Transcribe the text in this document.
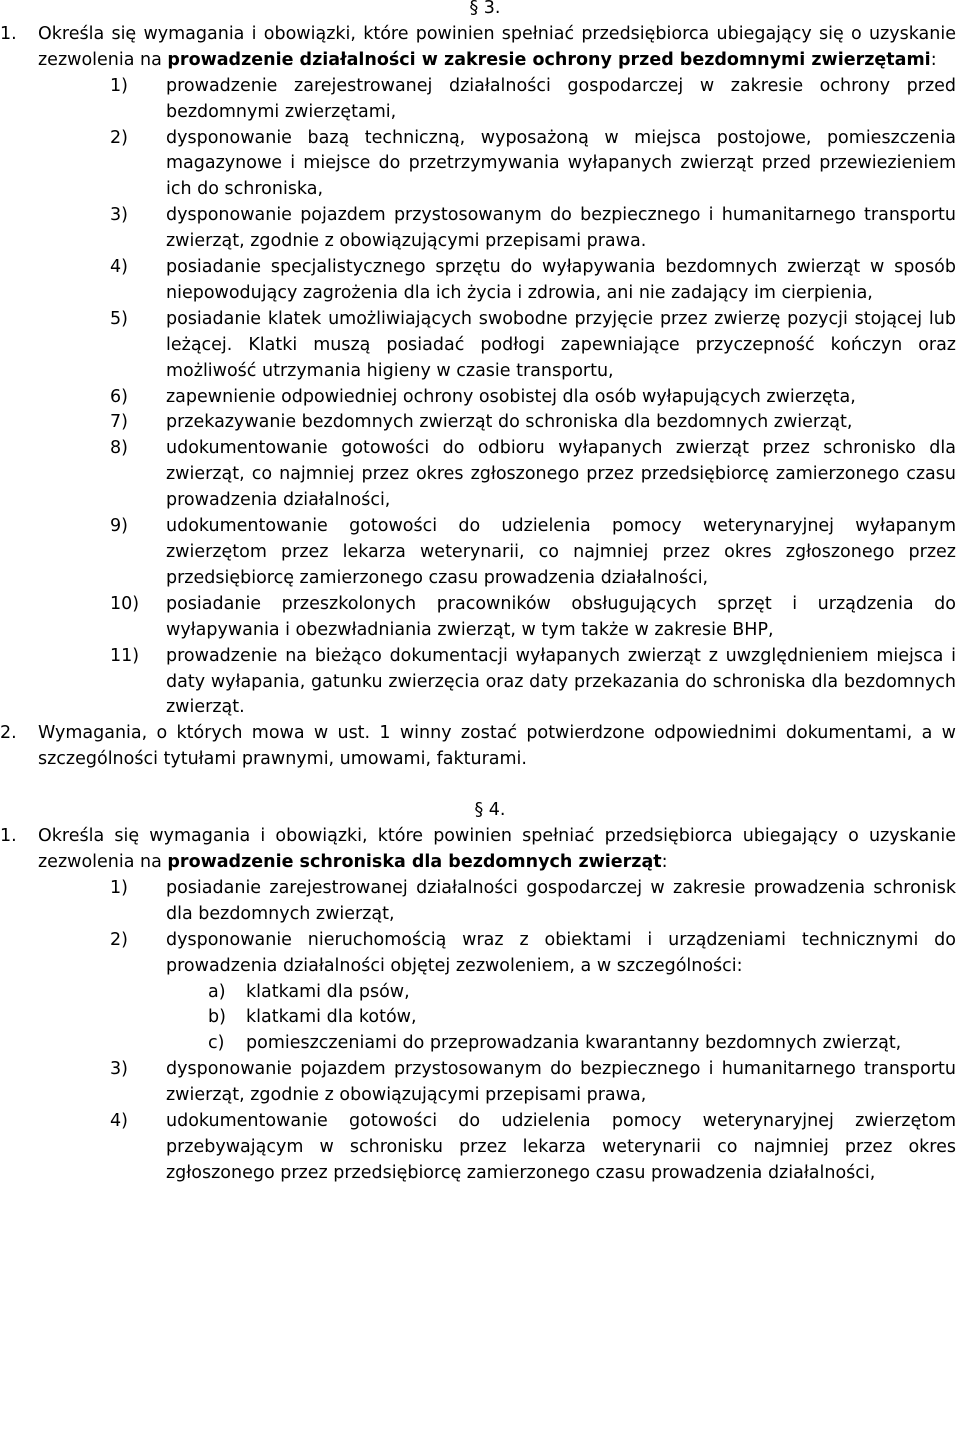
§ 3.
1.	Określa się wymagania i obowiązki, które powinien spełniać przedsiębiorca ubiegający się o uzyskanie zezwolenia na prowadzenie działalności w zakresie ochrony przed bezdomnymi zwierzętami:
1)	prowadzenie zarejestrowanej działalności gospodarczej w zakresie ochrony przed bezdomnymi zwierzętami,
2)	dysponowanie bazą techniczną, wyposażoną w miejsca postojowe, pomieszczenia magazynowe i miejsce do przetrzymywania wyłapanych zwierząt przed przewiezieniem ich do schroniska,
3)	dysponowanie pojazdem przystosowanym do bezpiecznego i humanitarnego transportu zwierząt, zgodnie z obowiązującymi przepisami prawa.
4)	posiadanie specjalistycznego sprzętu do wyłapywania bezdomnych zwierząt w sposób niepowodujący zagrożenia dla ich życia i zdrowia, ani nie zadający im cierpienia,
5)	posiadanie klatek umożliwiających swobodne przyjęcie przez zwierzę pozycji stojącej lub leżącej. Klatki muszą posiadać podłogi zapewniające przyczepność kończyn oraz możliwość utrzymania higieny w czasie transportu,
6)	zapewnienie odpowiedniej ochrony osobistej dla osób wyłapujących zwierzęta,
7)	przekazywanie bezdomnych zwierząt do schroniska dla bezdomnych zwierząt,
8)	udokumentowanie gotowości do odbioru wyłapanych zwierząt przez schronisko dla zwierząt, co najmniej przez okres zgłoszonego przez przedsiębiorcę zamierzonego czasu prowadzenia działalności,
9)	udokumentowanie gotowości do udzielenia pomocy weterynaryjnej wyłapanym zwierzętom przez lekarza weterynarii, co najmniej przez okres zgłoszonego przez przedsiębiorcę zamierzonego czasu prowadzenia działalności,
10)	posiadanie przeszkolonych pracowników obsługujących sprzęt i urządzenia do wyłapywania i obezwładniania zwierząt, w tym także w zakresie BHP,
11)	prowadzenie na bieżąco dokumentacji wyłapanych zwierząt z uwzględnieniem miejsca i daty wyłapania, gatunku zwierzęcia oraz daty przekazania do schroniska dla bezdomnych zwierząt.
2.	Wymagania, o których mowa w ust. 1 winny zostać potwierdzone odpowiednimi dokumentami, a w szczególności tytułami prawnymi, umowami, fakturami.
§ 4.
1.	Określa się wymagania i obowiązki, które powinien spełniać przedsiębiorca ubiegający o uzyskanie zezwolenia na prowadzenie schroniska dla bezdomnych zwierząt:
1)	posiadanie zarejestrowanej działalności gospodarczej w zakresie prowadzenia schronisk dla bezdomnych zwierząt,
2)	dysponowanie nieruchomością wraz z obiektami i urządzeniami technicznymi do prowadzenia działalności objętej zezwoleniem, a w szczególności:
a)	klatkami dla psów,
b)	klatkami dla kotów,
c)	pomieszczeniami do przeprowadzania kwarantanny bezdomnych zwierząt,
3)	dysponowanie pojazdem przystosowanym do bezpiecznego i humanitarnego transportu zwierząt, zgodnie z obowiązującymi przepisami prawa,
4)	udokumentowanie gotowości do udzielenia pomocy weterynaryjnej zwierzętom przebywającym w schronisku przez lekarza weterynarii co najmniej przez okres zgłoszonego przez przedsiębiorcę zamierzonego czasu prowadzenia działalności,
